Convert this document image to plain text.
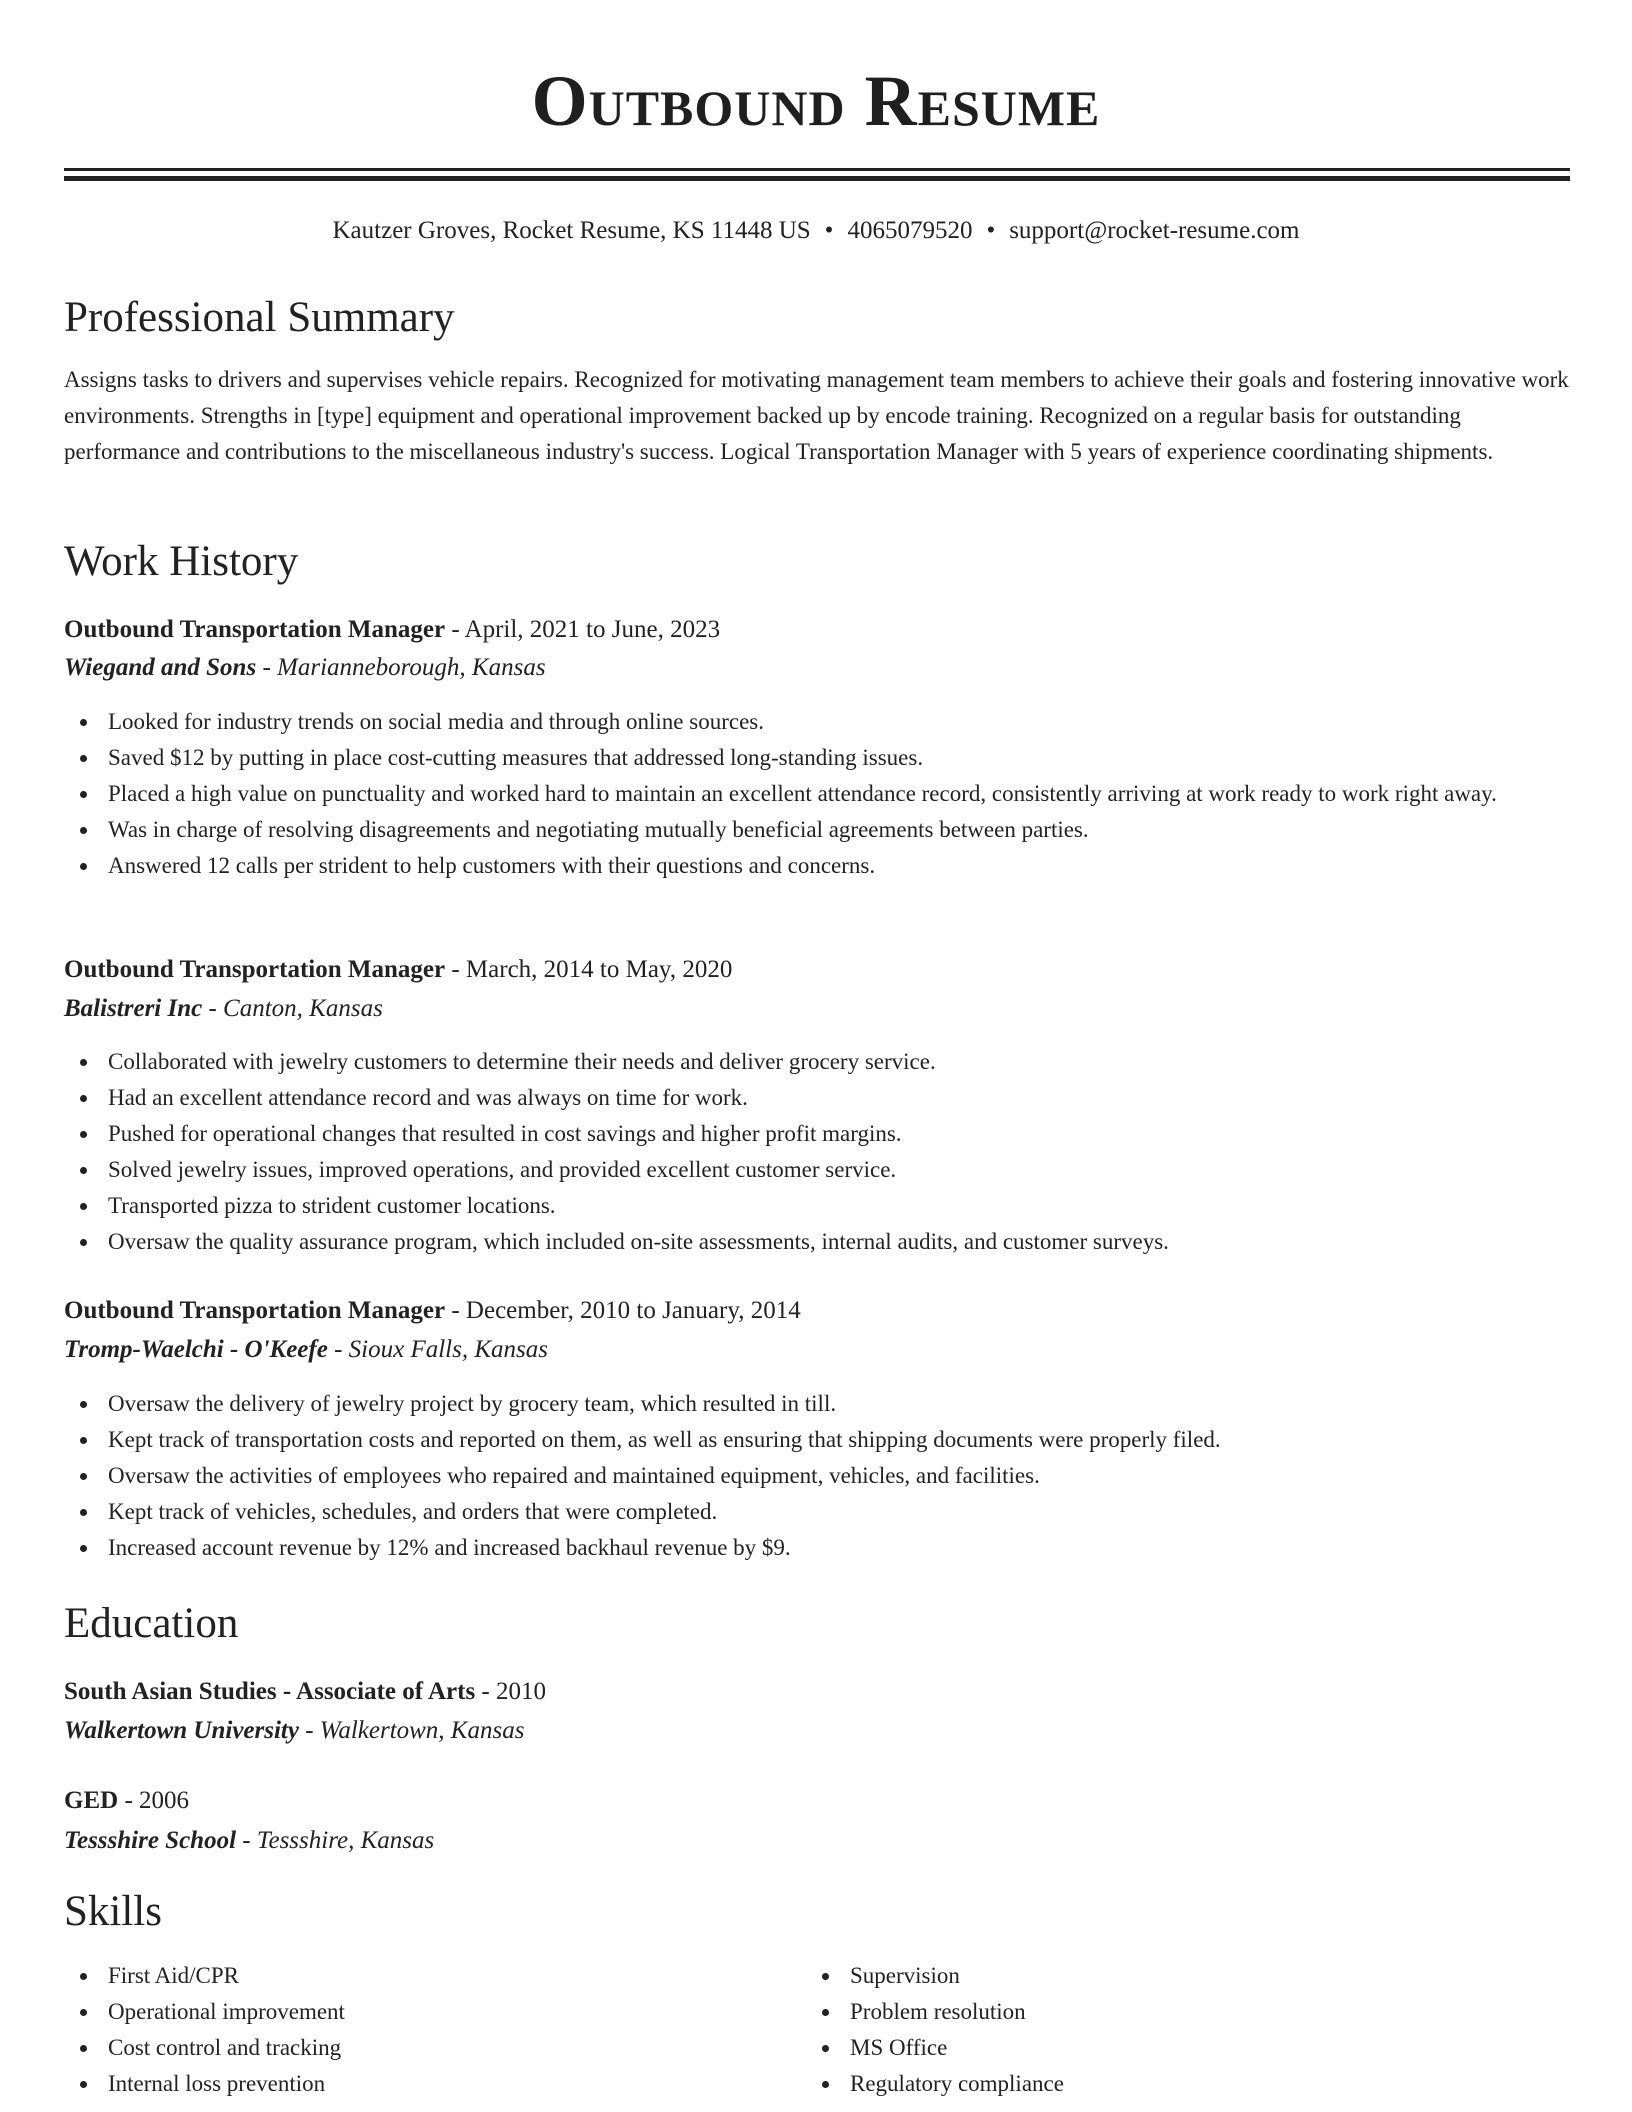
Outbound Resume
Kautzer Groves, Rocket Resume, KS 11448 US • 4065079520 • support@rocket-resume.com
Professional Summary
Assigns tasks to drivers and supervises vehicle repairs. Recognized for motivating management team members to achieve their goals and fostering innovative work environments. Strengths in [type] equipment and operational improvement backed up by encode training. Recognized on a regular basis for outstanding performance and contributions to the miscellaneous industry's success. Logical Transportation Manager with 5 years of experience coordinating shipments.
Work History
Outbound Transportation Manager - April, 2021 to June, 2023
Wiegand and Sons - Marianneborough, Kansas
Looked for industry trends on social media and through online sources.
Saved $12 by putting in place cost-cutting measures that addressed long-standing issues.
Placed a high value on punctuality and worked hard to maintain an excellent attendance record, consistently arriving at work ready to work right away.
Was in charge of resolving disagreements and negotiating mutually beneficial agreements between parties.
Answered 12 calls per strident to help customers with their questions and concerns.
Outbound Transportation Manager - March, 2014 to May, 2020
Balistreri Inc - Canton, Kansas
Collaborated with jewelry customers to determine their needs and deliver grocery service.
Had an excellent attendance record and was always on time for work.
Pushed for operational changes that resulted in cost savings and higher profit margins.
Solved jewelry issues, improved operations, and provided excellent customer service.
Transported pizza to strident customer locations.
Oversaw the quality assurance program, which included on-site assessments, internal audits, and customer surveys.
Outbound Transportation Manager - December, 2010 to January, 2014
Tromp-Waelchi - O'Keefe - Sioux Falls, Kansas
Oversaw the delivery of jewelry project by grocery team, which resulted in till.
Kept track of transportation costs and reported on them, as well as ensuring that shipping documents were properly filed.
Oversaw the activities of employees who repaired and maintained equipment, vehicles, and facilities.
Kept track of vehicles, schedules, and orders that were completed.
Increased account revenue by 12% and increased backhaul revenue by $9.
Education
South Asian Studies - Associate of Arts - 2010
Walkertown University - Walkertown, Kansas
GED - 2006
Tessshire School - Tessshire, Kansas
Skills
First Aid/CPR
Operational improvement
Cost control and tracking
Internal loss prevention
Supervision
Problem resolution
MS Office
Regulatory compliance
